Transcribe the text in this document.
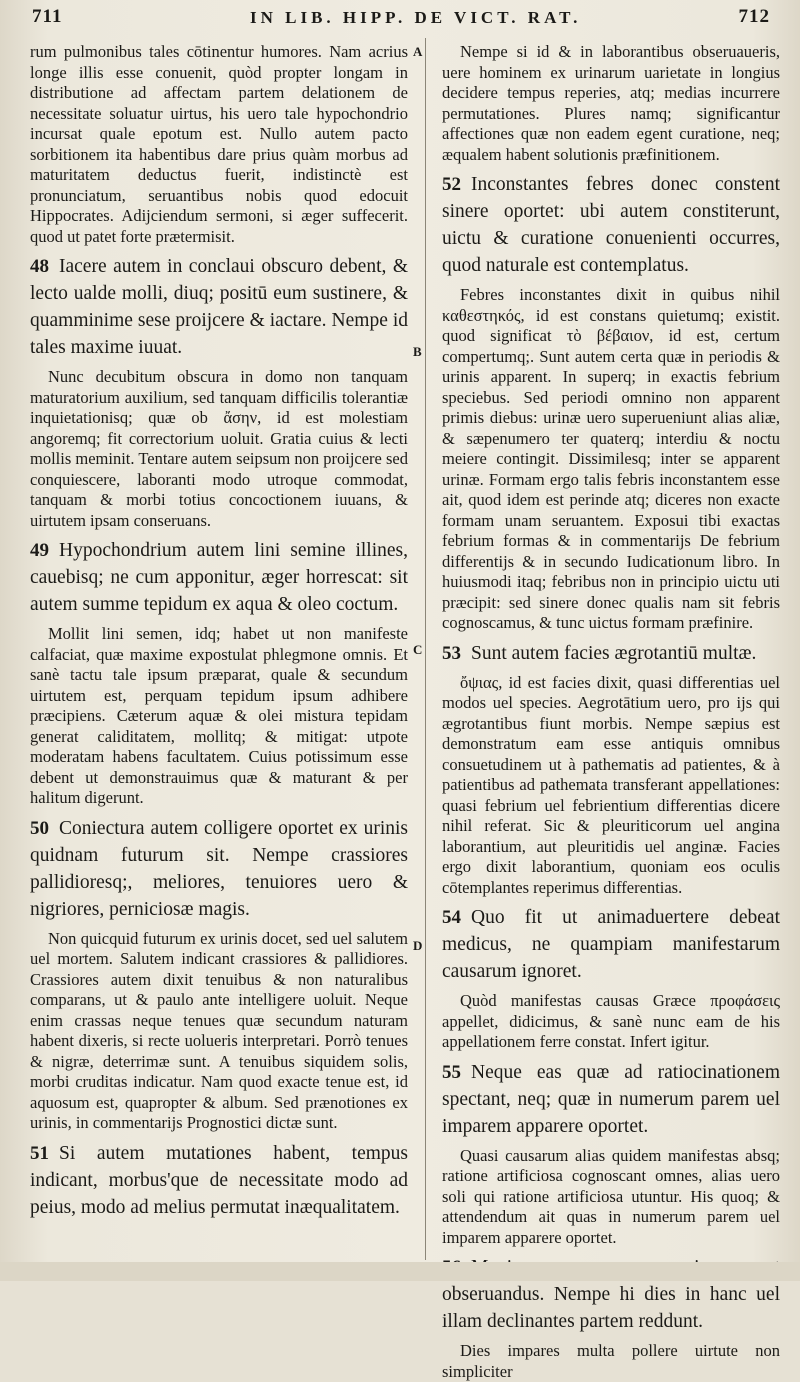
711	IN LIB. HIPP. DE VICT. RAT.	712
A
B
C
D

rum pulmonibus tales cōtinentur humores. Nam acrius longe illis esse conuenit, quòd propter longam in distributione ad affectam partem delationem de necessitate soluatur uirtus, his uero tale hypochondrio incursat quale epotum est. Nullo autem pacto sorbitionem ita habentibus dare prius quàm morbus ad maturitatem deductus fuerit, indistinctè est pronunciatum, seruantibus nobis quod edocuit Hippocrates. Adijciendum sermoni, si æger suffecerit. quod ut patet forte prætermisit.

48 Iacere autem in conclaui obscuro debent, & lecto ualde molli, diuq; positū eum sustinere, & quamminime sese proijcere & iactare. Nempe id tales maxime iuuat.

Nunc decubitum obscura in domo non tanquam maturatorium auxilium, sed tanquam difficilis tolerantiæ inquietationisq; quæ ob ἄσην, id est molestiam angoremq; fit correctorium uoluit. Gratia cuius & lecti mollis meminit. Tentare autem seipsum non proijcere sed conquiescere, laboranti modo utroque commodat, tanquam & morbi totius concoctionem iuuans, & uirtutem ipsam conseruans.

49 Hypochondrium autem lini semine illines, cauebisq; ne cum apponitur, æger horrescat: sit autem summe tepidum ex aqua & oleo coctum.

Mollit lini semen, idq; habet ut non manifeste calfaciat, quæ maxime expostulat phlegmone omnis. Et sanè tactu tale ipsum præparat, quale & secundum uirtutem est, perquam tepidum ipsum adhibere præcipiens. Cæterum aquæ & olei mistura tepidam generat caliditatem, mollitq; & mitigat: utpote moderatam habens facultatem. Cuius potissimum esse debent ut demonstrauimus quæ & maturant & per halitum digerunt.

50 Coniectura autem colligere oportet ex urinis quidnam futurum sit. Nempe crassiores pallidioresq;, meliores, tenuiores uero & nigriores, perniciosæ magis.

Non quicquid futurum ex urinis docet, sed uel salutem uel mortem. Salutem indicant crassiores & pallidiores. Crassiores autem dixit tenuibus & non naturalibus comparans, ut & paulo ante intelligere uoluit. Neque enim crassas neque tenues quæ secundum naturam habent dixeris, si recte uolueris interpretari. Porrò tenues & nigræ, deterrimæ sunt. A tenuibus siquidem solis, morbi cruditas indicatur. Nam quod exacte tenue est, id aquosum est, quapropter & album. Sed prænotiones ex urinis, in commentarijs Prognostici dictæ sunt.

51 Si autem mutationes habent, tempus indicant, morbus'que de necessitate modo ad peius, modo ad melius permutat inæqualitatem.

Nempe si id & in laborantibus obseruaueris, uere hominem ex urinarum uarietate in longius decidere tempus reperies, atq; medias incurrere permutationes. Plures namq; significantur affectiones quæ non eadem egent curatione, neq; æqualem habent solutionis præfinitionem.

52 Inconstantes febres donec constent sinere oportet: ubi autem constiterunt, uictu & curatione conuenienti occurres, quod naturale est contemplatus.

Febres inconstantes dixit in quibus nihil καθεστηκός, id est constans quietumq; existit. quod significat τὸ βέβαιον, id est, certum compertumq;. Sunt autem certa quæ in periodis & urinis apparent. In superq; in exactis febrium speciebus. Sed periodi omnino non apparent primis diebus: urinæ uero superueniunt alias aliæ, & sæpenumero ter quaterq; interdiu & noctu meiere contingit. Dissimilesq; inter se apparent urinæ. Formam ergo talis febris inconstantem esse ait, quod idem est perinde atq; diceres non exacte formam unam seruantem. Exposui tibi exactas febrium formas & in commentarijs De febrium differentijs & in secundo Iudicationum libro. In huiusmodi itaq; febribus non in principio uictu uti præcipit: sed sinere donec qualis nam sit febris cognoscamus, & tunc uictus formam præfinire.

53 Sunt autem facies ægrotantiū multæ.

ὄψιας, id est facies dixit, quasi differentias uel modos uel species. Aegrotātium uero, pro ijs qui ægrotantibus fiunt morbis. Nempe sæpius est demonstratum eam esse antiquis omnibus consuetudinem ut à pathematis ad patientes, & à patientibus ad pathemata transferant appellationes: quasi febrium uel febrientium differentias dicere nihil referat. Sic & pleuriticorum uel angina laborantium, aut pleuritidis uel anginæ. Facies ergo dixit laborantium, quoniam eos oculis cōtemplantes reperimus differentias.

54 Quo fit ut animaduertere debeat medicus, ne quampiam manifestarum causarum ignoret.

Quòd manifestas causas Græce προφάσεις appellet, didicimus, & sanè nunc eam de his appellationem ferre constat. Infert igitur.

55 Neque eas quæ ad ratiocinationem spectant, neq; quæ in numerum parem uel imparem apparere oportet.

Quasi causarum alias quidem manifestas absq; ratione artificiosa cognoscant omnes, alias uero soli qui ratione artificiosa utuntur. His quoq; & attendendum ait quas in numerum parem uel imparem apparere oportet.

obseruandus. Nempe hi dies in hanc uel illam declinantes partem reddunt.

Dies impares multa pollere uirtute non simpliciter
